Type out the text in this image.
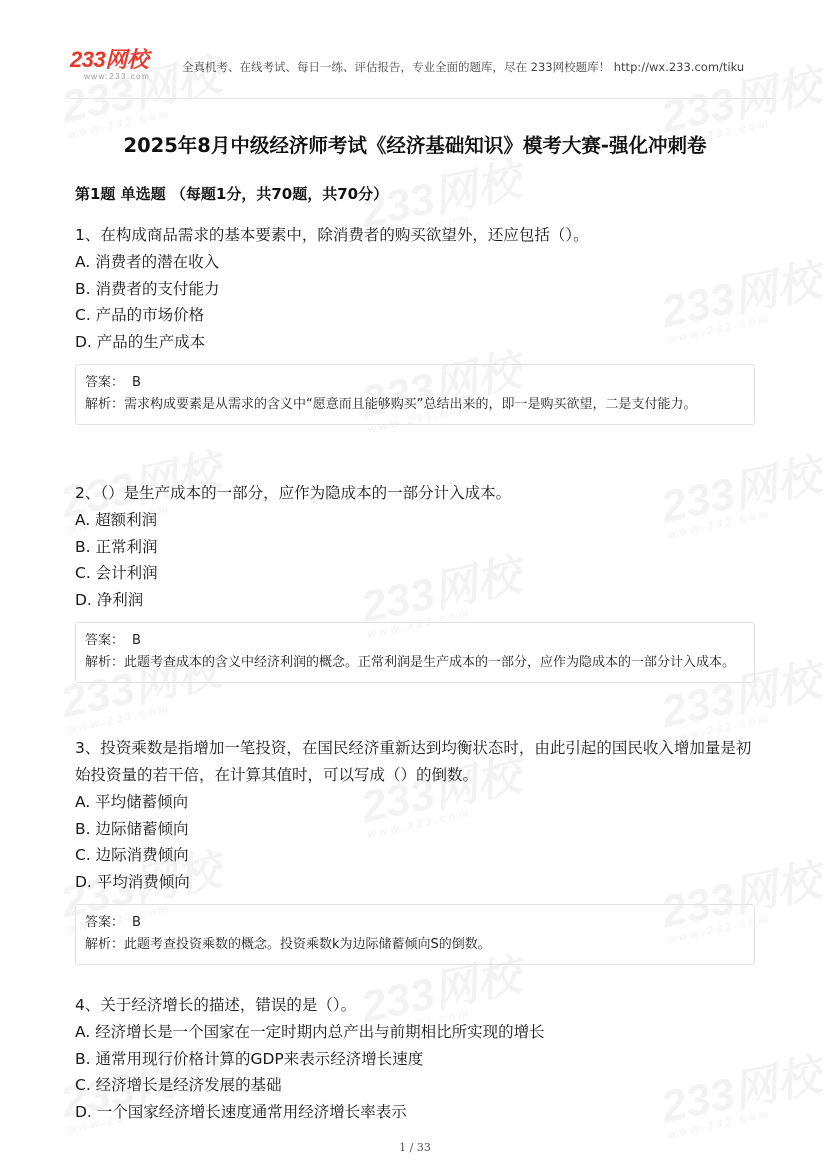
233网校
www.233.com
全真机考、在线考试、每日一练、评估报告，专业全面的题库，尽在 233网校题库！ http://wx.233.com/tiku
2025年8月中级经济师考试《经济基础知识》模考大赛-强化冲刺卷
第1题 单选题 （每题1分，共70题，共70分）
1、在构成商品需求的基本要素中，除消费者的购买欲望外，还应包括（）。
A. 消费者的潜在收入
B. 消费者的支付能力
C. 产品的市场价格
D. 产品的生产成本
答案： B
解析：需求构成要素是从需求的含义中“愿意而且能够购买”总结出来的，即一是购买欲望，二是支付能力。
2、（）是生产成本的一部分，应作为隐成本的一部分计入成本。
A. 超额利润
B. 正常利润
C. 会计利润
D. 净利润
答案： B
解析：此题考查成本的含义中经济利润的概念。正常利润是生产成本的一部分，应作为隐成本的一部分计入成本。
3、投资乘数是指增加一笔投资，在国民经济重新达到均衡状态时，由此引起的国民收入增加量是初始投资量的若干倍，在计算其值时，可以写成（）的倒数。
A. 平均储蓄倾向
B. 边际储蓄倾向
C. 边际消费倾向
D. 平均消费倾向
答案： B
解析：此题考查投资乘数的概念。投资乘数k为边际储蓄倾向S的倒数。
4、关于经济增长的描述，错误的是（）。
A. 经济增长是一个国家在一定时期内总产出与前期相比所实现的增长
B. 通常用现行价格计算的GDP来表示经济增长速度
C. 经济增长是经济发展的基础
D. 一个国家经济增长速度通常用经济增长率表示
1 / 33
